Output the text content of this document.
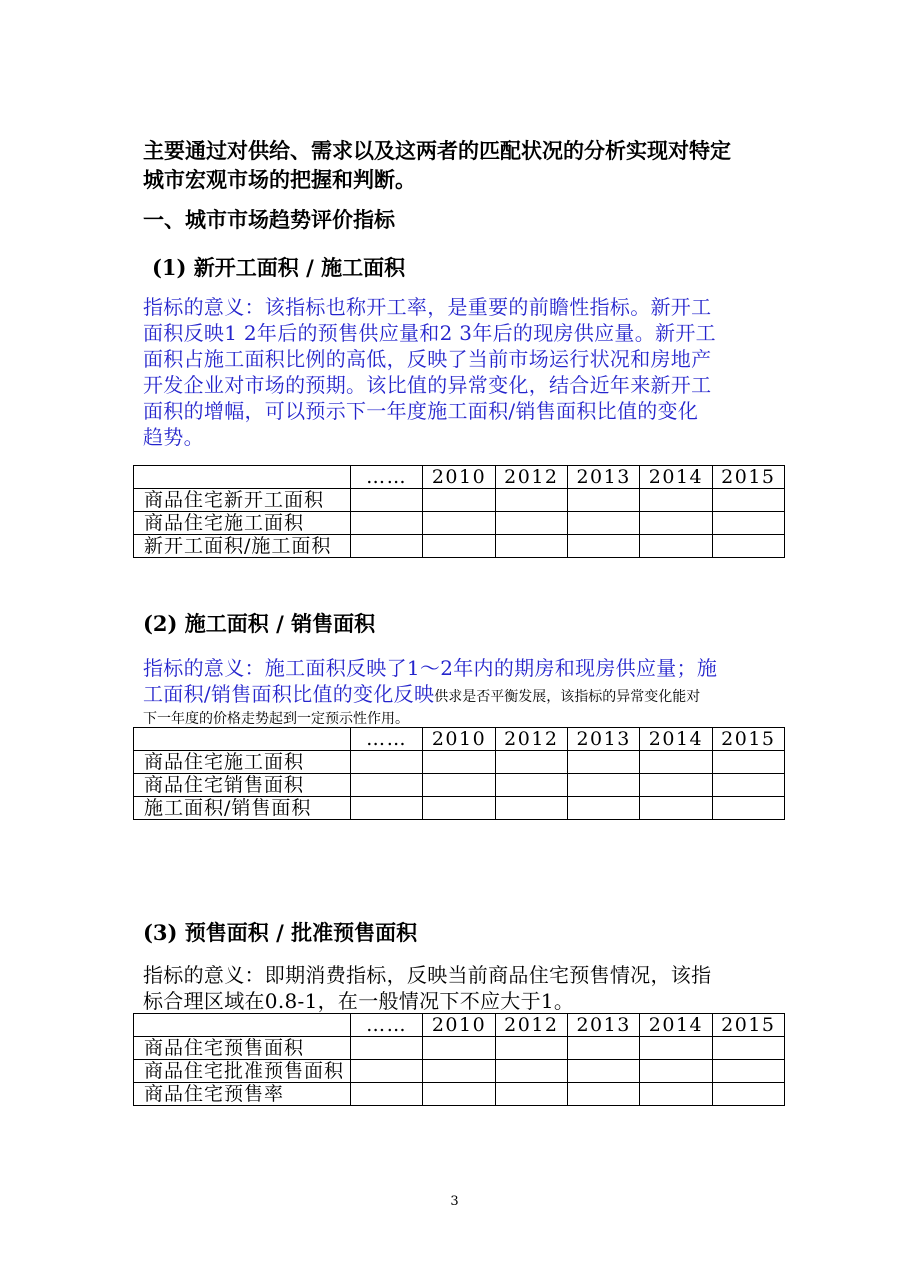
主要通过对供给、需求以及这两者的匹配状况的分析实现对特定
城市宏观市场的把握和判断。
一、城市市场趋势评价指标
(1) 新开工面积 / 施工面积
指标的意义：该指标也称开工率，是重要的前瞻性指标。新开工
面积反映1 2年后的预售供应量和2 3年后的现房供应量。新开工
面积占施工面积比例的高低，反映了当前市场运行状况和房地产
开发企业对市场的预期。该比值的异常变化，结合近年来新开工
面积的增幅，可以预示下一年度施工面积/销售面积比值的变化
趋势。
	……	2010	2012	2013	2014	2015
商品住宅新开工面积						
商品住宅施工面积						
新开工面积/施工面积						
(2) 施工面积 / 销售面积
指标的意义：施工面积反映了1～2年内的期房和现房供应量；施
工面积/销售面积比值的变化反映供求是否平衡发展，该指标的异常变化能对
下一年度的价格走势起到一定预示性作用。
	……	2010	2012	2013	2014	2015
商品住宅施工面积						
商品住宅销售面积						
施工面积/销售面积						
(3) 预售面积 / 批准预售面积
指标的意义：即期消费指标，反映当前商品住宅预售情况，该指
标合理区域在0.8-1，在一般情况下不应大于1。
	……	2010	2012	2013	2014	2015
商品住宅预售面积						
商品住宅批准预售面积						
商品住宅预售率						
3
